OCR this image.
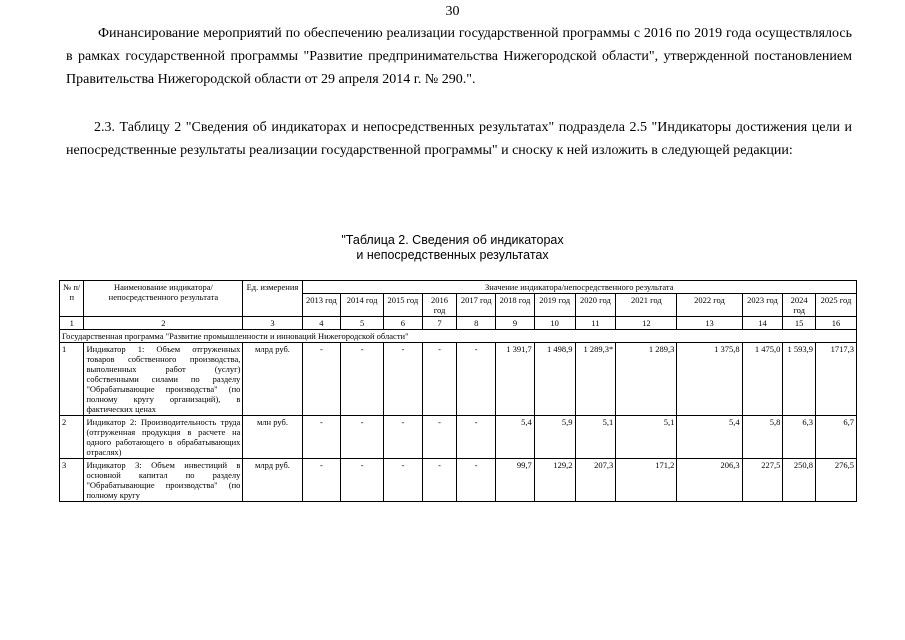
30
Финансирование мероприятий по обеспечению реализации государственной программы с 2016 по 2019 года осуществлялось в рамках государственной программы "Развитие предпринимательства Нижегородской области", утвержденной постановлением Правительства Нижегородской области от 29 апреля 2014 г. № 290.".
2.3. Таблицу 2 "Сведения об индикаторах и непосредственных результатах" подраздела 2.5 "Индикаторы достижения цели и непосредственные результаты реализации государственной программы" и сноску к ней изложить в следующей редакции:
"Таблица 2. Сведения об индикаторах
и непосредственных результатах
№ п/п	Наименование индикатора/непосредственного результата	Ед. измерения	Значение индикатора/непосредственного результата												
			2013 год	2014 год	2015 год	2016 год	2017 год	2018 год	2019 год	2020 год	2021 год	2022 год	2023 год	2024 год	2025 год
1	2	3	4	5	6	7	8	9	10	11	12	13	14	15	16
Государственная программа "Развитие промышленности и инноваций Нижегородской области"															
1	Индикатор 1: Объем отгруженных товаров собственного производства, выполненных работ (услуг) собственными силами по разделу "Обрабатывающие производства" (по полному кругу организаций), в фактических ценах	млрд руб.	-	-	-	-	-	1 391,7	1 498,9	1 289,3*	1 289,3	1 375,8	1 475,0	1 593,9	1717,3
2	Индикатор 2: Производительность труда (отгруженная продукция в расчете на одного работающего в обрабатывающих отраслях)	млн руб.	-	-	-	-	-	5,4	5,9	5,1	5,1	5,4	5,8	6,3	6,7
3	Индикатор 3: Объем инвестиций в основной капитал по разделу "Обрабатывающие производства" (по полному кругу	млрд руб.	-	-	-	-	-	99,7	129,2	207,3	171,2	206,3	227,5	250,8	276,5
